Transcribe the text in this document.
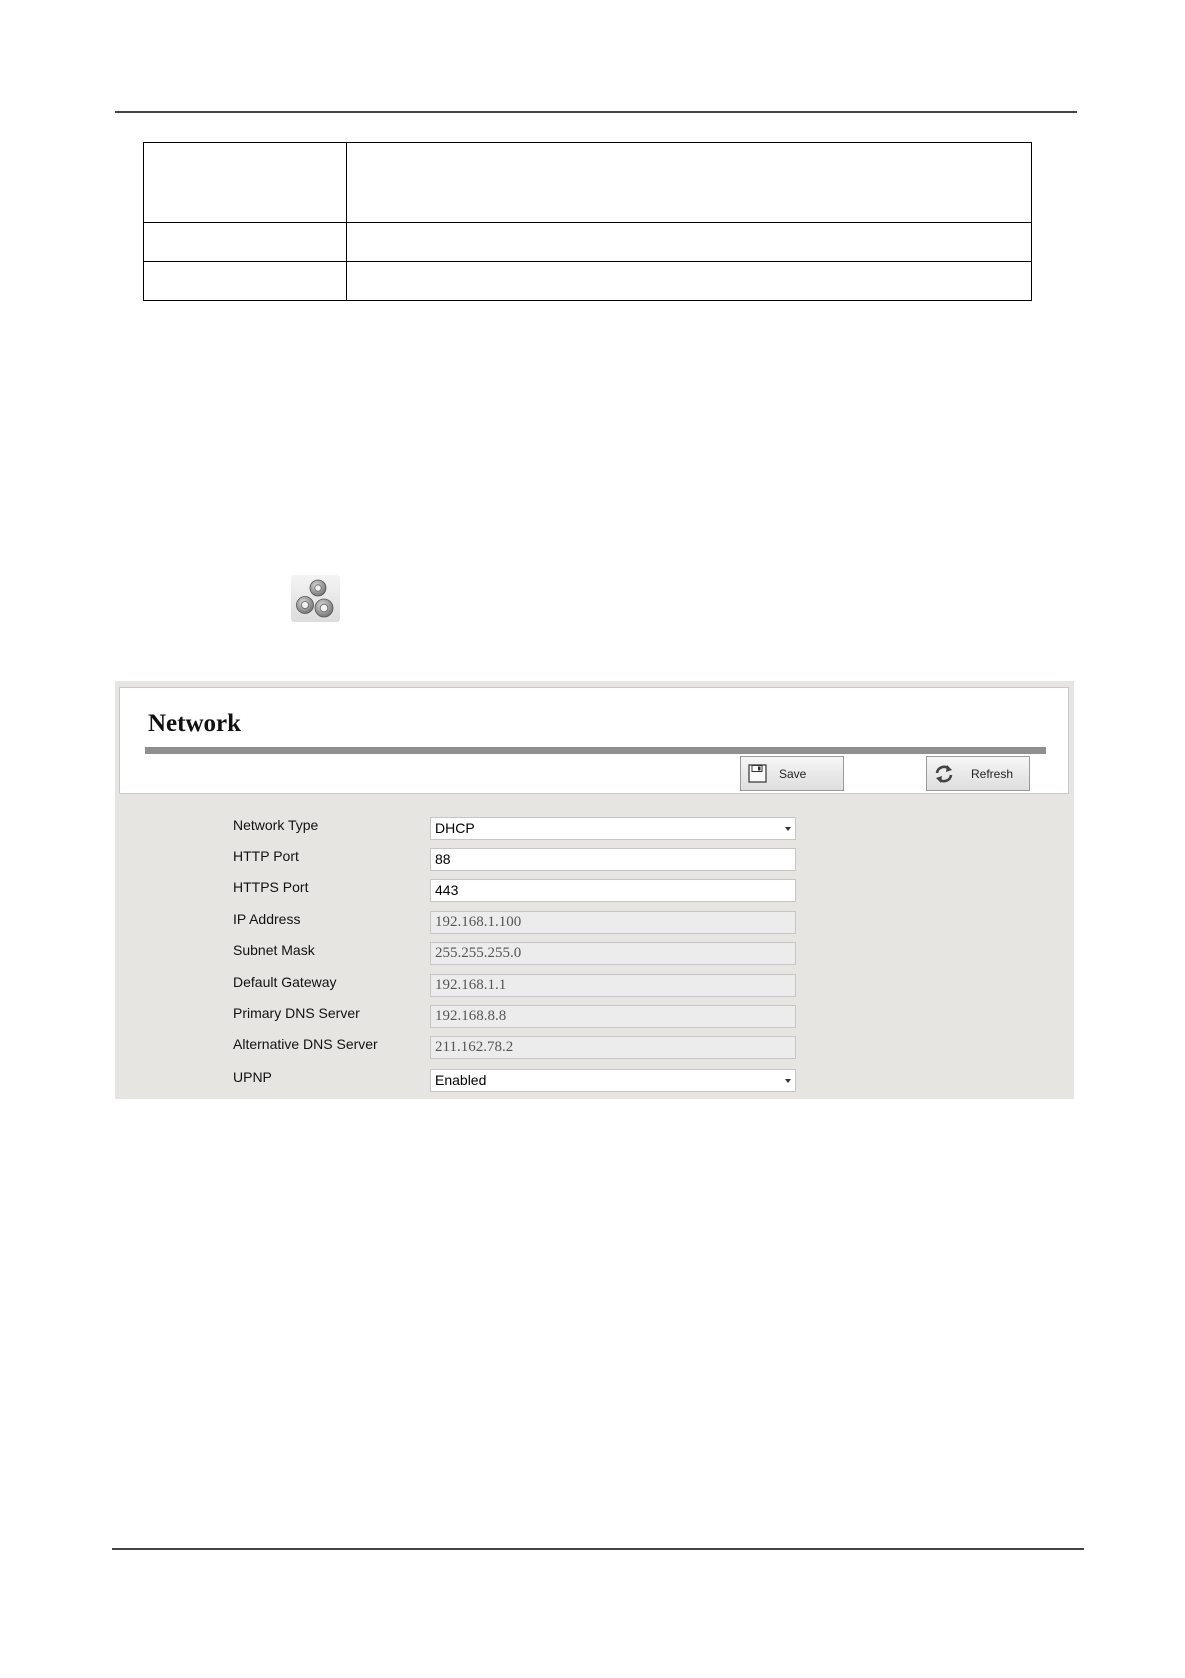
Network
Save	Refresh
Network Type	DHCP
HTTP Port	88
HTTPS Port	443
IP Address	192.168.1.100
Subnet Mask	255.255.255.0
Default Gateway	192.168.1.1
Primary DNS Server	192.168.8.8
Alternative DNS Server	211.162.78.2
UPNP	Enabled
